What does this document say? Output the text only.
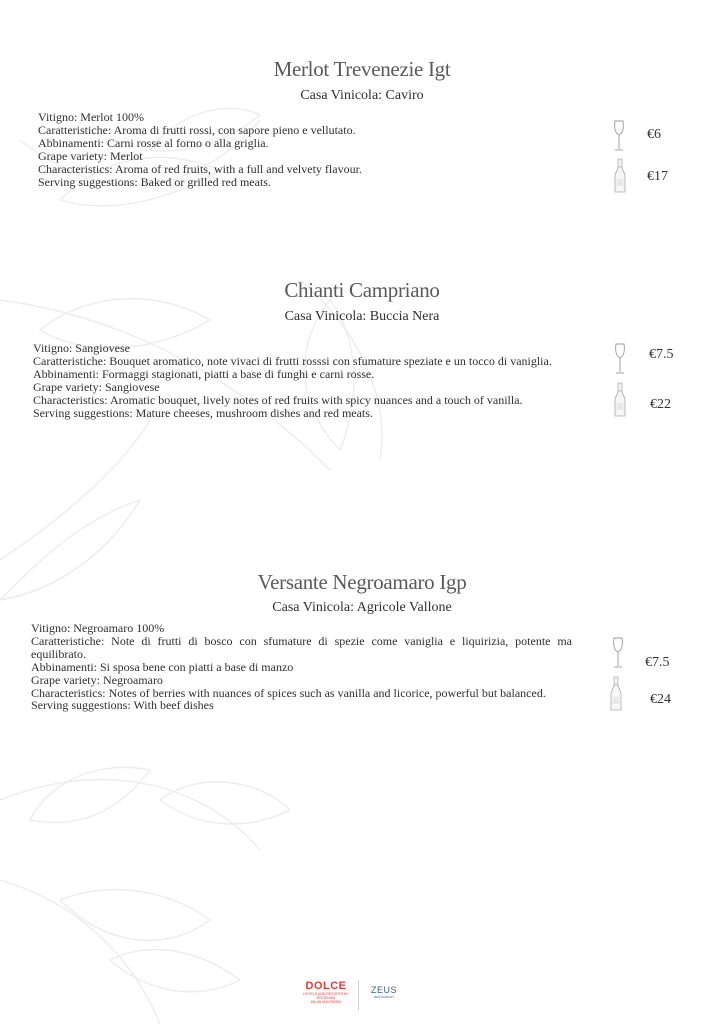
Merlot Trevenezie Igt
Casa Vinicola: Caviro
Vitigno: Merlot 100%
Caratteristiche: Aroma di frutti rossi, con sapore pieno e vellutato.
Abbinamenti: Carni rosse al forno o alla griglia.
Grape variety: Merlot
Characteristics: Aroma of red fruits, with a full and velvety flavour.
Serving suggestions: Baked or grilled red meats.
€6
€17
Chianti Campriano
Casa Vinicola: Buccia Nera
Vitigno: Sangiovese
Caratteristiche: Bouquet aromatico, note vivaci di frutti rosssi con sfumature speziate e un tocco di vaniglia.
Abbinamenti: Formaggi stagionati, piatti a base di funghi e carni rosse.
Grape variety: Sangiovese
Characteristics: Aromatic bouquet, lively notes of red fruits with spicy nuances and a touch of vanilla.
Serving suggestions: Mature cheeses, mushroom dishes and red meats.
€7.5
€22
Versante Negroamaro Igp
Casa Vinicola: Agricole Vallone
Vitigno: Negroamaro 100%
Caratteristiche: Note di frutti di bosco con sfumature di spezie come vaniglia e liquirizia, potente ma equilibrato.
Abbinamenti: Si sposa bene con piatti a base di manzo
Grape variety: Negroamaro
Characteristics: Notes of berries with nuances of spices such as vanilla and licorice, powerful but balanced.
Serving suggestions: With beef dishes
€7.5
€24
DOLCE
HOTELS AND RESORTS BY WYNDHAM
MILAN MALPENSA
ZEUS
RESTAURANT
